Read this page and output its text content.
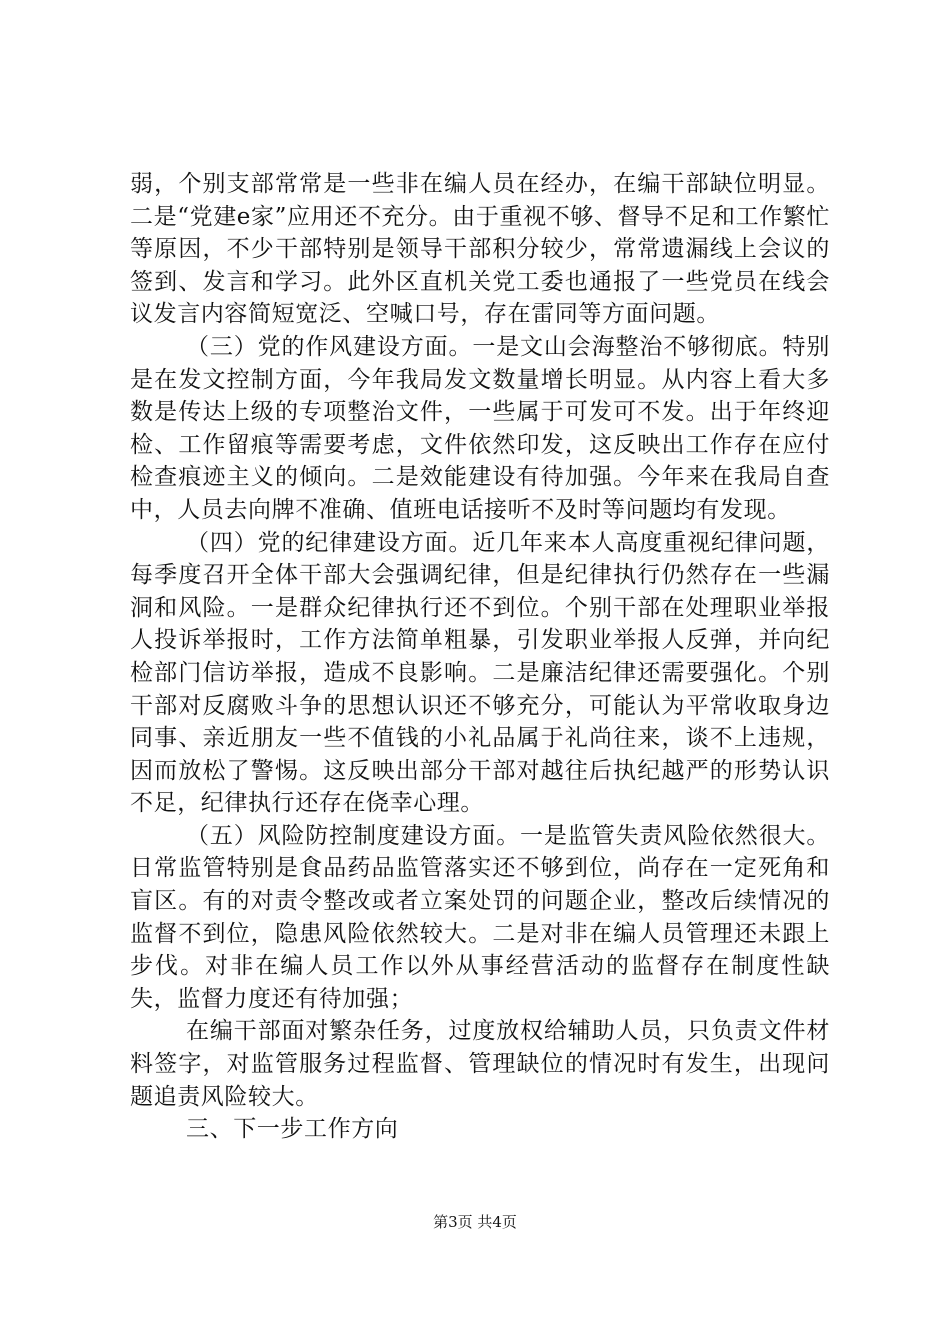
弱，个别支部常常是一些非在编人员在经办，在编干部缺位明显。二是“党建e家”应用还不充分。由于重视不够、督导不足和工作繁忙等原因，不少干部特别是领导干部积分较少，常常遗漏线上会议的签到、发言和学习。此外区直机关党工委也通报了一些党员在线会议发言内容简短宽泛、空喊口号，存在雷同等方面问题。

（三）党的作风建设方面。一是文山会海整治不够彻底。特别是在发文控制方面，今年我局发文数量增长明显。从内容上看大多数是传达上级的专项整治文件，一些属于可发可不发。出于年终迎检、工作留痕等需要考虑，文件依然印发，这反映出工作存在应付检查痕迹主义的倾向。二是效能建设有待加强。今年来在我局自查中，人员去向牌不准确、值班电话接听不及时等问题均有发现。

（四）党的纪律建设方面。近几年来本人高度重视纪律问题，每季度召开全体干部大会强调纪律，但是纪律执行仍然存在一些漏洞和风险。一是群众纪律执行还不到位。个别干部在处理职业举报人投诉举报时，工作方法简单粗暴，引发职业举报人反弹，并向纪检部门信访举报，造成不良影响。二是廉洁纪律还需要强化。个别干部对反腐败斗争的思想认识还不够充分，可能认为平常收取身边同事、亲近朋友一些不值钱的小礼品属于礼尚往来，谈不上违规，因而放松了警惕。这反映出部分干部对越往后执纪越严的形势认识不足，纪律执行还存在侥幸心理。

（五）风险防控制度建设方面。一是监管失责风险依然很大。日常监管特别是食品药品监管落实还不够到位，尚存在一定死角和盲区。有的对责令整改或者立案处罚的问题企业，整改后续情况的监督不到位，隐患风险依然较大。二是对非在编人员管理还未跟上步伐。对非在编人员工作以外从事经营活动的监督存在制度性缺失，监督力度还有待加强；

在编干部面对繁杂任务，过度放权给辅助人员，只负责文件材料签字，对监管服务过程监督、管理缺位的情况时有发生，出现问题追责风险较大。

三、下一步工作方向

第3页 共4页
